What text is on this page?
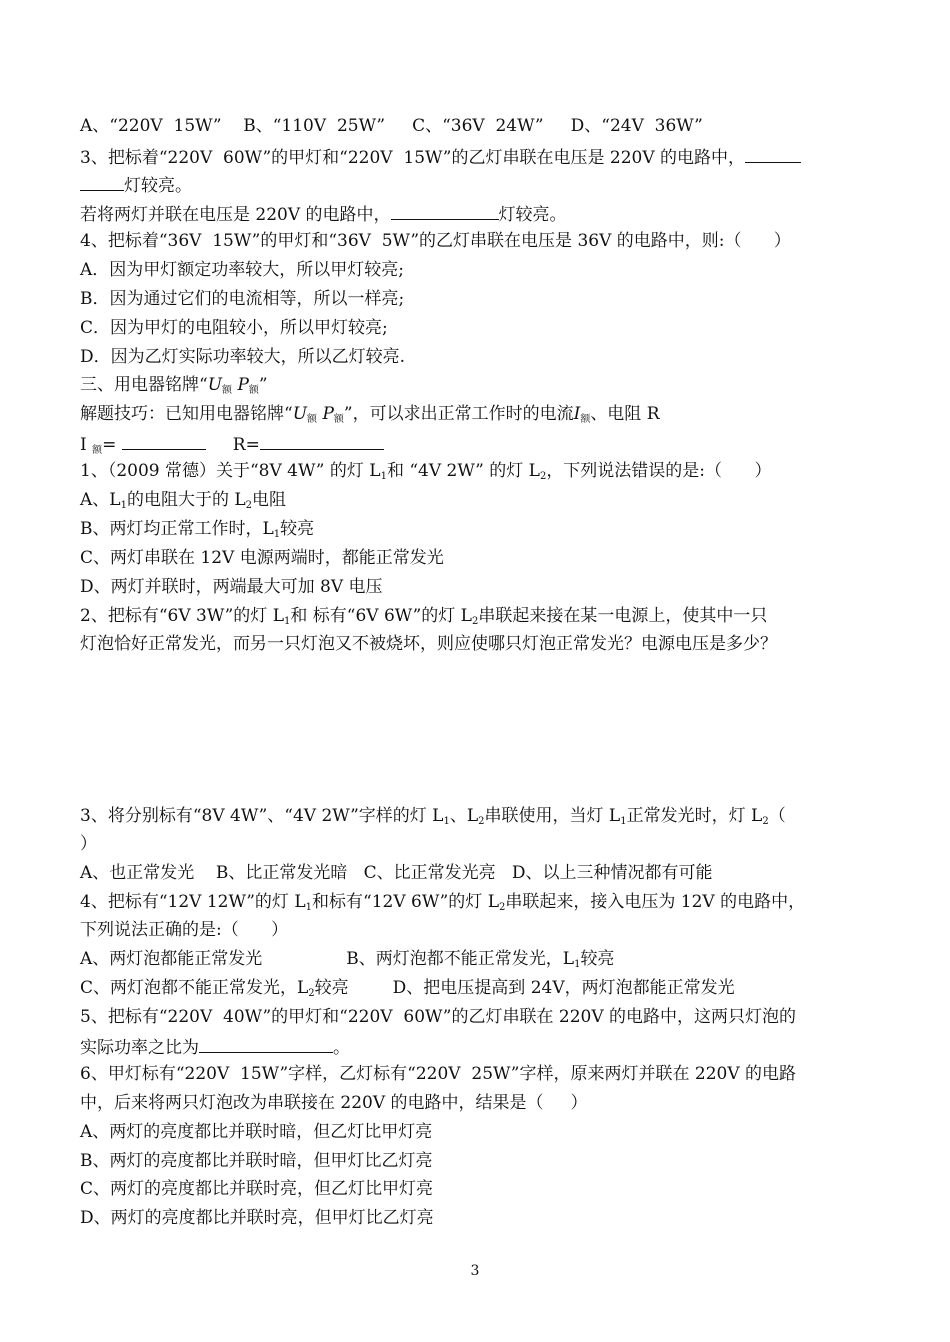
A、“220V  15W”    B、“110V  25W”     C、“36V  24W”     D、“24V  36W”
3、把标着“220V  60W”的甲灯和“220V  15W”的乙灯串联在电压是 220V 的电路中，
灯较亮。
若将两灯并联在电压是 220V 的电路中，	灯较亮。
4、把标着“36V  15W”的甲灯和“36V  5W”的乙灯串联在电压是 36V 的电路中，则:（      ）
A．因为甲灯额定功率较大，所以甲灯较亮;
B．因为通过它们的电流相等，所以一样亮;
C．因为甲灯的电阻较小，所以甲灯较亮;
D．因为乙灯实际功率较大，所以乙灯较亮.
三、用电器铭牌“U额 P额”
解题技巧：已知用电器铭牌“U额 P额”，可以求出正常工作时的电流I额、电阻 R
I 额=	R=
1、（2009 常德）关于“8V 4W” 的灯 $L_1$和 “4V 2W” 的灯 $L_2$，下列说法错误的是:（      ）
A、$L_1$的电阻大于的 $L_2$电阻
B、两灯均正常工作时，$L_1$较亮
C、两灯串联在 12V 电源两端时，都能正常发光
D、两灯并联时，两端最大可加 8V 电压
2、把标有“6V 3W”的灯 $L_1$和 标有“6V 6W”的灯 $L_2$串联起来接在某一电源上，使其中一只
灯泡恰好正常发光，而另一只灯泡又不被烧坏，则应使哪只灯泡正常发光？电源电压是多少？
3、将分别标有“8V 4W”、“4V 2W”字样的灯 $L_1$、$L_2$串联使用，当灯 $L_1$正常发光时，灯 $L_2$（
）
A、也正常发光    B、比正常发光暗   C、比正常发光亮   D、以上三种情况都有可能
4、把标有“12V 12W”的灯 $L_1$和标有“12V 6W”的灯 $L_2$串联起来，接入电压为 12V 的电路中，
下列说法正确的是:（      ）
A、两灯泡都能正常发光	B、两灯泡都不能正常发光，$L_1$较亮
C、两灯泡都不能正常发光，$L_2$较亮	D、把电压提高到 24V，两灯泡都能正常发光
5、把标有“220V  40W”的甲灯和“220V  60W”的乙灯串联在 220V 的电路中，这两只灯泡的
实际功率之比为	。
6、甲灯标有“220V  15W”字样，乙灯标有“220V  25W”字样，原来两灯并联在 220V 的电路
中，后来将两只灯泡改为串联接在 220V 的电路中，结果是（     ）
A、两灯的亮度都比并联时暗，但乙灯比甲灯亮
B、两灯的亮度都比并联时暗，但甲灯比乙灯亮
C、两灯的亮度都比并联时亮，但乙灯比甲灯亮
D、两灯的亮度都比并联时亮，但甲灯比乙灯亮
3
